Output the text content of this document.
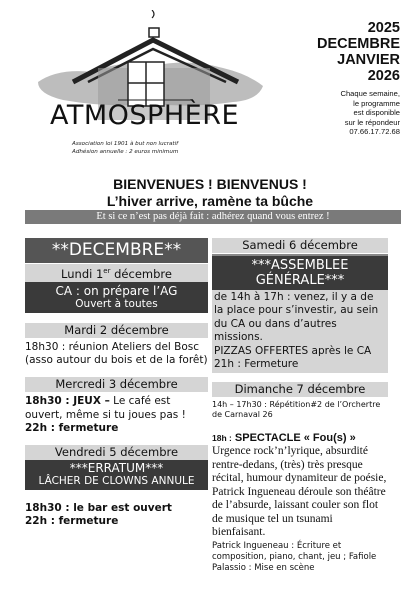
ATMOSPHÈRE
Association loi 1901 à but non lucratif
Adhésion annuelle : 2 euros minimum
2025
DECEMBRE
JANVIER
2026
Chaque semaine,
le programme
est disponible
sur le répondeur
07.66.17.72.68
BIENVENUES ! BIENVENUS !
L’hiver arrive, ramène ta bûche
Et si ce n’est pas déjà fait : adhérez quand vous entrez !
**DECEMBRE**
Lundi 1er décembre
CA : on prépare l’AG
Ouvert à toutes
Mardi 2 décembre
18h30 : réunion Ateliers del Bosc (asso autour du bois et de la forêt)
Mercredi 3 décembre
18h30 : JEUX – Le café est ouvert, même si tu joues pas !
22h : fermeture
Vendredi 5 décembre
***ERRATUM***
LÂCHER DE CLOWNS ANNULE
18h30 : le bar est ouvert
22h : fermeture
Samedi 6 décembre
***ASSEMBLEE
GÉNÉRALE***
de 14h à 17h : venez, il y a de la place pour s’investir, au sein du CA ou dans d’autres missions.
PIZZAS OFFERTES après le CA
21h : Fermeture
Dimanche 7 décembre
14h – 17h30 : Répétition#2 de l’Orchertre de Carnaval 26
18h : SPECTACLE « Fou(s) »
Urgence rock’n’lyrique, absurdité rentre-dedans, (très) très presque récital, humour dynamiteur de poésie, Patrick Ingueneau déroule son théâtre de l’absurde, laissant couler son flot de musique tel un tsunami bienfaisant.
Patrick Ingueneau : Écriture et composition, piano, chant, jeu ; Fafiole Palassio : Mise en scène
